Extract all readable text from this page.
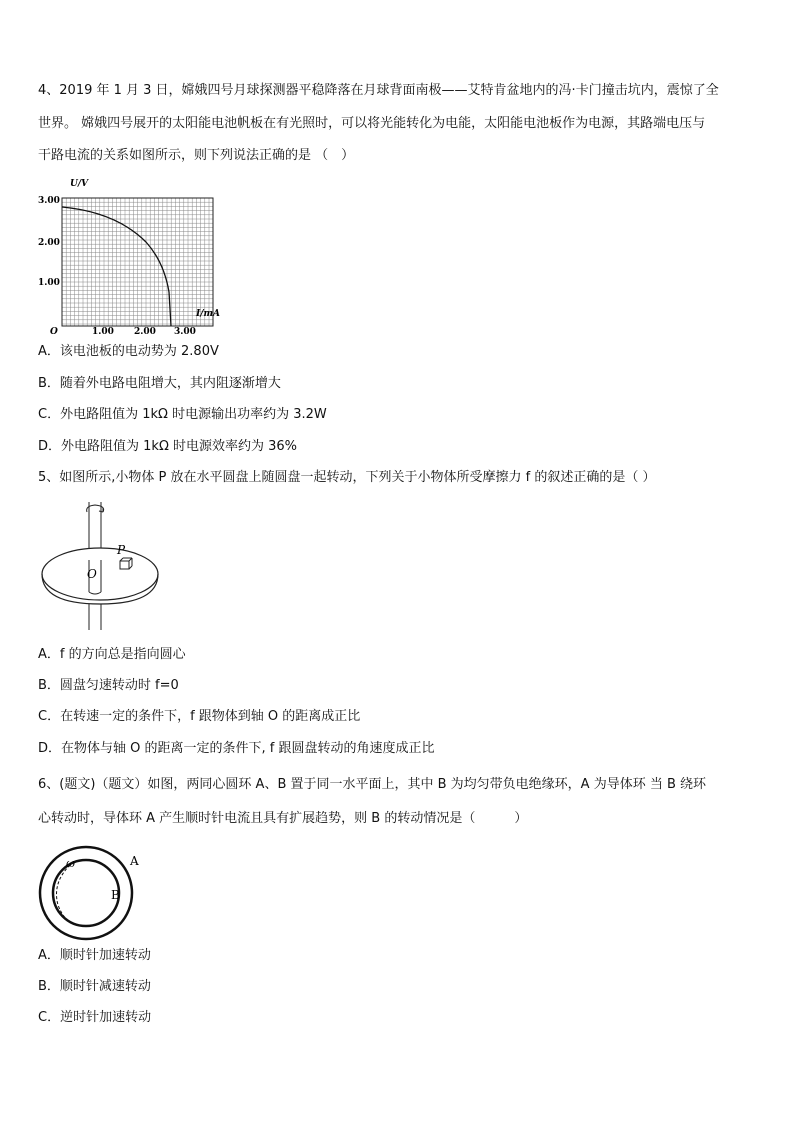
4、2019 年 1 月 3 日，嫦娥四号月球探测器平稳降落在月球背面南极——艾特肯盆地内的冯·卡门撞击坑内，震惊了全
世界。 嫦娥四号展开的太阳能电池帆板在有光照时，可以将光能转化为电能，太阳能电池板作为电源，其路端电压与
干路电流的关系如图所示，则下列说法正确的是 （　）
U/V
I/mA
O
3.00
2.00
1.00
1.00 2.00 3.00
A．该电池板的电动势为 2.80V
B．随着外电路电阻增大，其内阻逐渐增大
C．外电路阻值为 1kΩ 时电源输出功率约为 3.2W
D．外电路阻值为 1kΩ 时电源效率约为 36%
5、如图所示,小物体 P 放在水平圆盘上随圆盘一起转动，下列关于小物体所受摩擦力 f 的叙述正确的是（ ）
P
O
A．f 的方向总是指向圆心
B．圆盘匀速转动时 f=0
C．在转速一定的条件下，f 跟物体到轴 O 的距离成正比
D．在物体与轴 O 的距离一定的条件下, f 跟圆盘转动的角速度成正比
6、(题文)（题文）如图，两同心圆环 A、B 置于同一水平面上，其中 B 为均匀带负电绝缘环，A 为导体环 当 B 绕环
心转动时，导体环 A 产生顺时针电流且具有扩展趋势，则 B 的转动情况是（　　　）
ω	A
B
A．顺时针加速转动
B．顺时针减速转动
C．逆时针加速转动
